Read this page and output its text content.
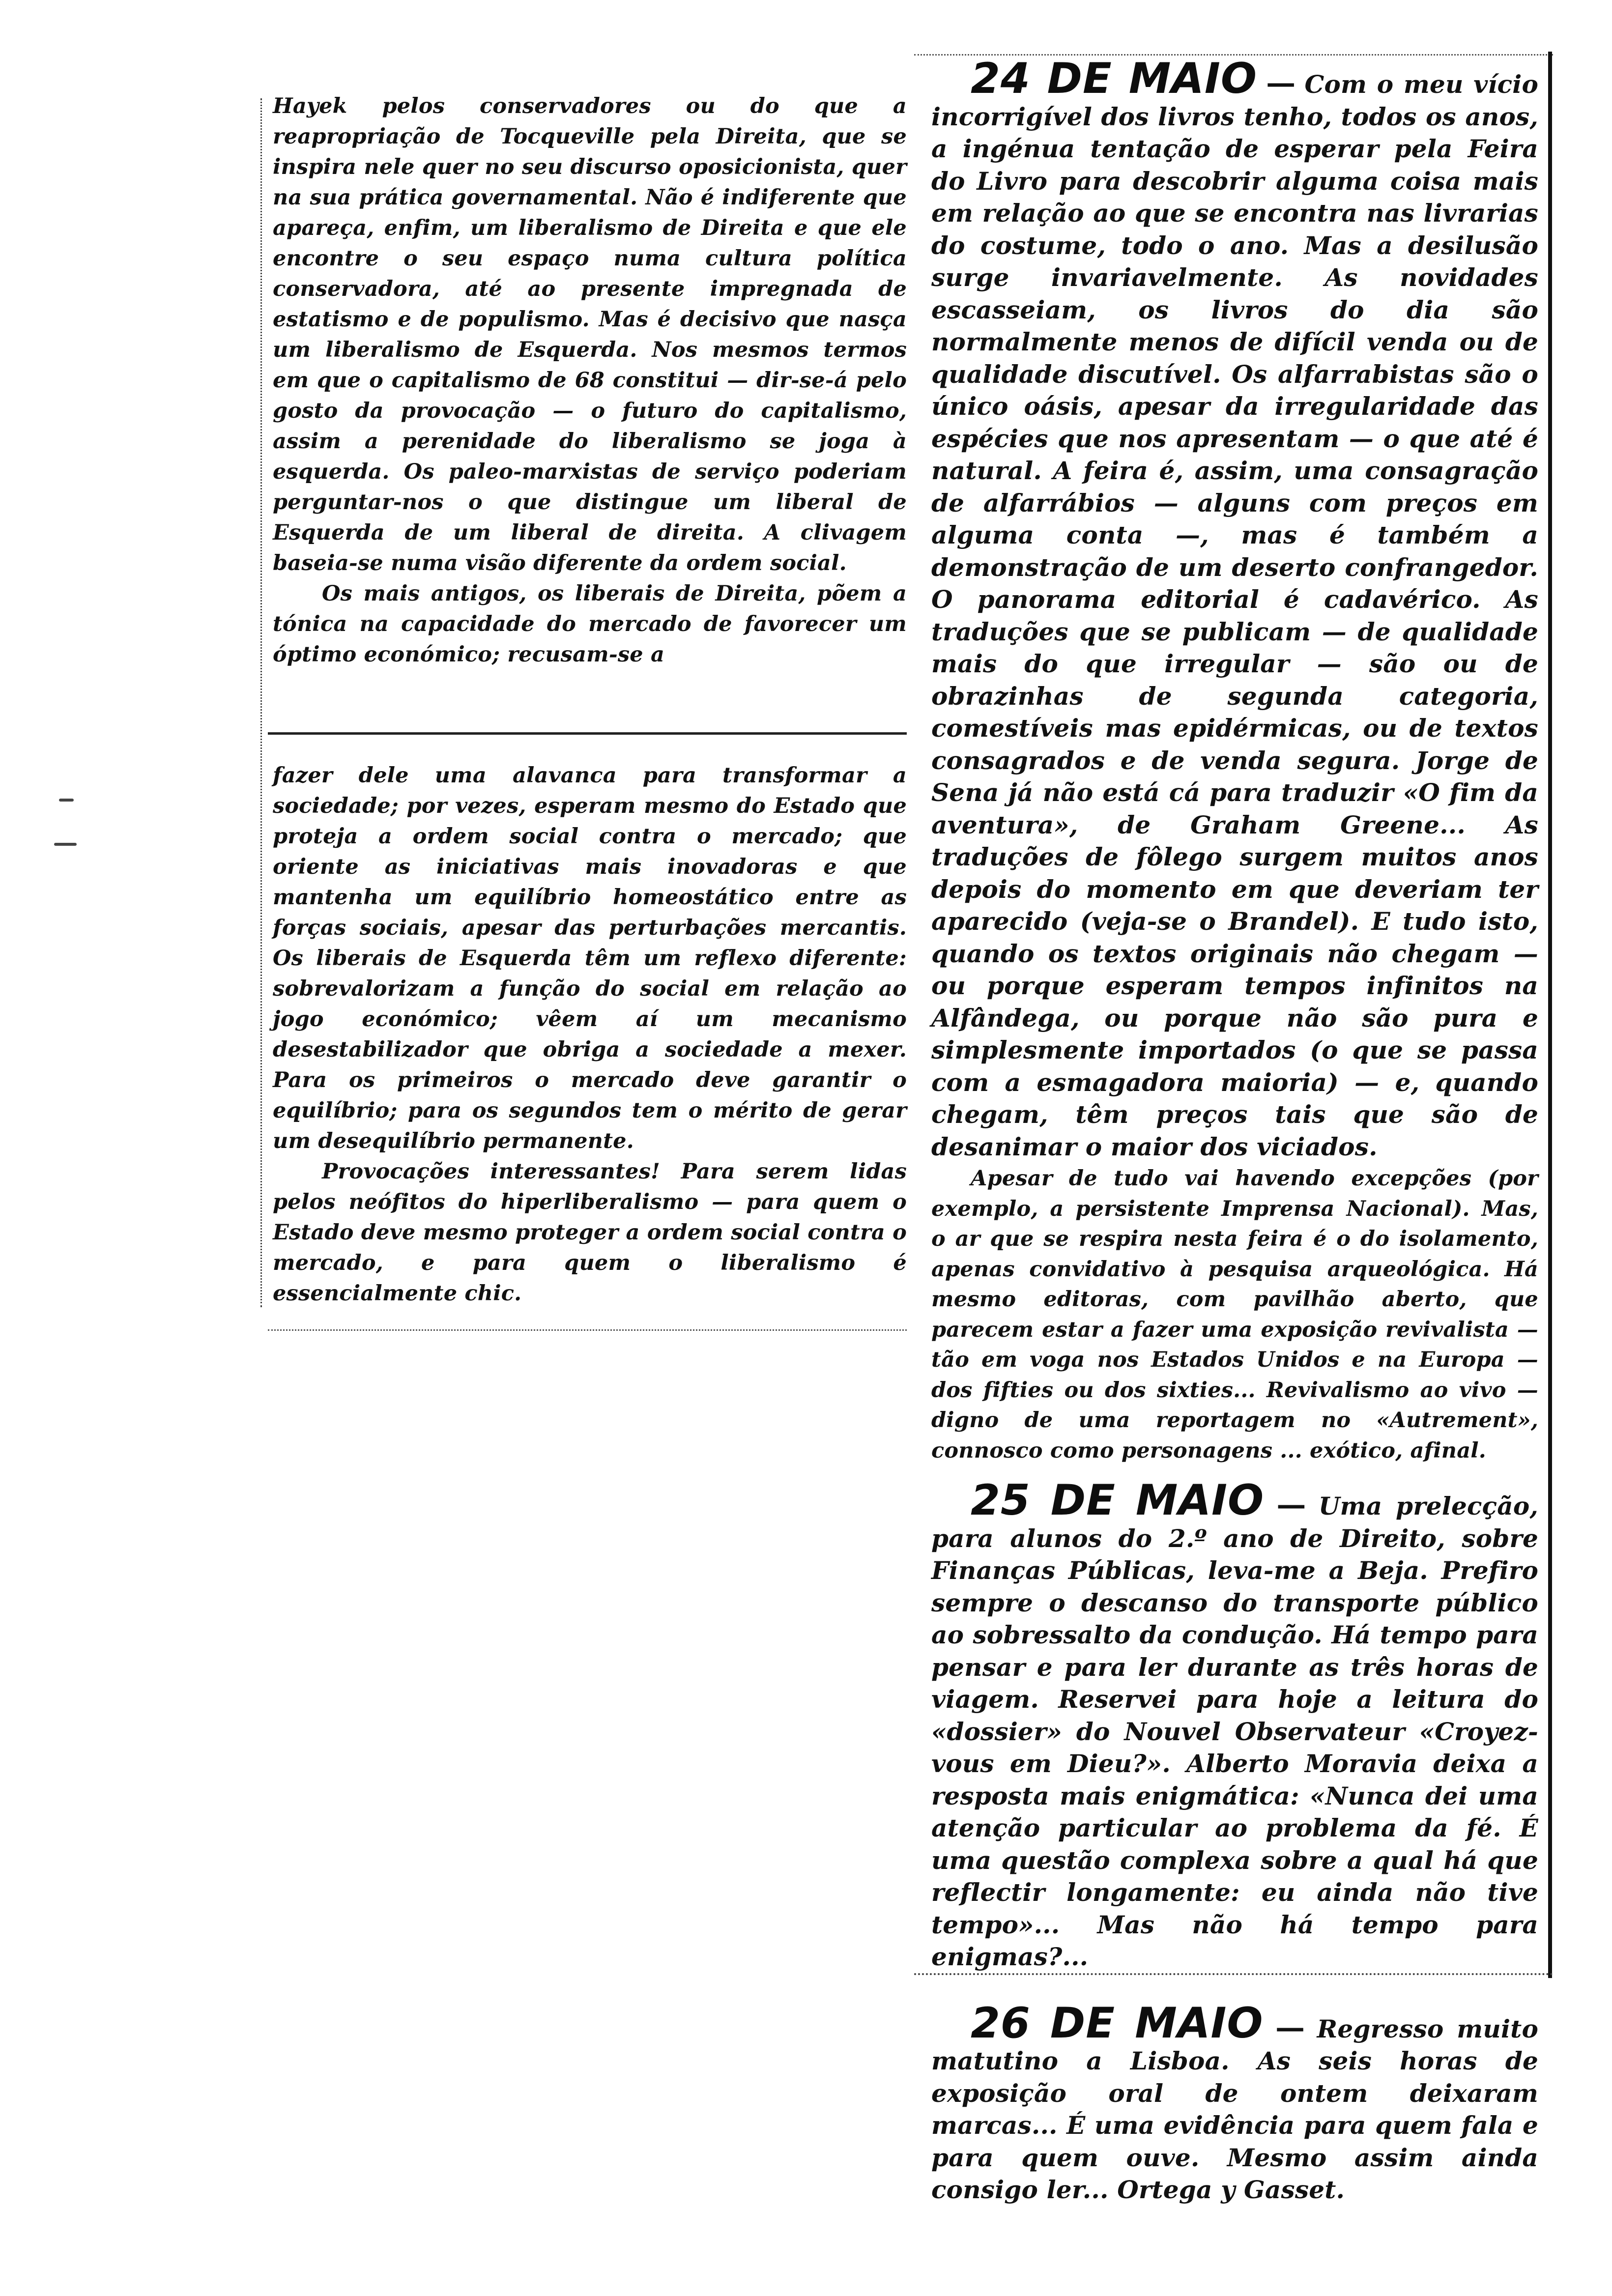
Hayek pelos conservadores ou do que a reapropriação de Tocqueville pela Direita, que se inspira nele quer no seu discurso oposicionista, quer na sua prática governamental. Não é indiferente que apareça, enfim, um liberalismo de Direita e que ele encontre o seu espaço numa cultura política conservadora, até ao presente impregnada de estatismo e de populismo. Mas é decisivo que nasça um liberalismo de Esquerda. Nos mesmos termos em que o capitalismo de 68 constitui — dir-se-á pelo gosto da provocação — o futuro do capitalismo, assim a perenidade do liberalismo se joga à esquerda. Os paleo-marxistas de serviço poderiam perguntar-nos o que distingue um liberal de Esquerda de um liberal de direita. A clivagem baseia-se numa visão diferente da ordem social.

Os mais antigos, os liberais de Direita, põem a tónica na capacidade do mercado de favorecer um óptimo económico; recusam-se a

fazer dele uma alavanca para transformar a sociedade; por vezes, esperam mesmo do Estado que proteja a ordem social contra o mercado; que oriente as iniciativas mais inovadoras e que mantenha um equilíbrio homeostático entre as forças sociais, apesar das perturbações mercantis. Os liberais de Esquerda têm um reflexo diferente: sobrevalorizam a função do social em relação ao jogo económico; vêem aí um mecanismo desestabilizador que obriga a sociedade a mexer. Para os primeiros o mercado deve garantir o equilíbrio; para os segundos tem o mérito de gerar um desequilíbrio permanente.

Provocações interessantes! Para serem lidas pelos neófitos do hiperliberalismo — para quem o Estado deve mesmo proteger a ordem social contra o mercado, e para quem o liberalismo é essencialmente chic.

24 DE MAIO — Com o meu vício incorrigível dos livros tenho, todos os anos, a ingénua tentação de esperar pela Feira do Livro para descobrir alguma coisa mais em relação ao que se encontra nas livrarias do costume, todo o ano. Mas a desilusão surge invariavelmente. As novidades escasseiam, os livros do dia são normalmente menos de difícil venda ou de qualidade discutível. Os alfarrabistas são o único oásis, apesar da irregularidade das espécies que nos apresentam — o que até é natural. A feira é, assim, uma consagração de alfarrábios — alguns com preços em alguma conta —, mas é também a demonstração de um deserto confrangedor. O panorama editorial é cadavérico. As traduções que se publicam — de qualidade mais do que irregular — são ou de obrazinhas de segunda categoria, comestíveis mas epidérmicas, ou de textos consagrados e de venda segura. Jorge de Sena já não está cá para traduzir «O fim da aventura», de Graham Greene... As traduções de fôlego surgem muitos anos depois do momento em que deveriam ter aparecido (veja-se o Brandel). E tudo isto, quando os textos originais não chegam — ou porque esperam tempos infinitos na Alfândega, ou porque não são pura e simplesmente importados (o que se passa com a esmagadora maioria) — e, quando chegam, têm preços tais que são de desanimar o maior dos viciados.

Apesar de tudo vai havendo excepções (por exemplo, a persistente Imprensa Nacional). Mas, o ar que se respira nesta feira é o do isolamento, apenas convidativo à pesquisa arqueológica. Há mesmo editoras, com pavilhão aberto, que parecem estar a fazer uma exposição revivalista — tão em voga nos Estados Unidos e na Europa — dos fifties ou dos sixties... Revivalismo ao vivo — digno de uma reportagem no «Autrement», connosco como personagens ... exótico, afinal.

25 DE MAIO — Uma prelecção, para alunos do 2.º ano de Direito, sobre Finanças Públicas, leva-me a Beja. Prefiro sempre o descanso do transporte público ao sobressalto da condução. Há tempo para pensar e para ler durante as três horas de viagem. Reservei para hoje a leitura do «dossier» do Nouvel Observateur «Croyez-vous em Dieu?». Alberto Moravia deixa a resposta mais enigmática: «Nunca dei uma atenção particular ao problema da fé. É uma questão complexa sobre a qual há que reflectir longamente: eu ainda não tive tempo»... Mas não há tempo para enigmas?...

26 DE MAIO — Regresso muito matutino a Lisboa. As seis horas de exposição oral de ontem deixaram marcas... É uma evidência para quem fala e para quem ouve. Mesmo assim ainda consigo ler... Ortega y Gasset.
